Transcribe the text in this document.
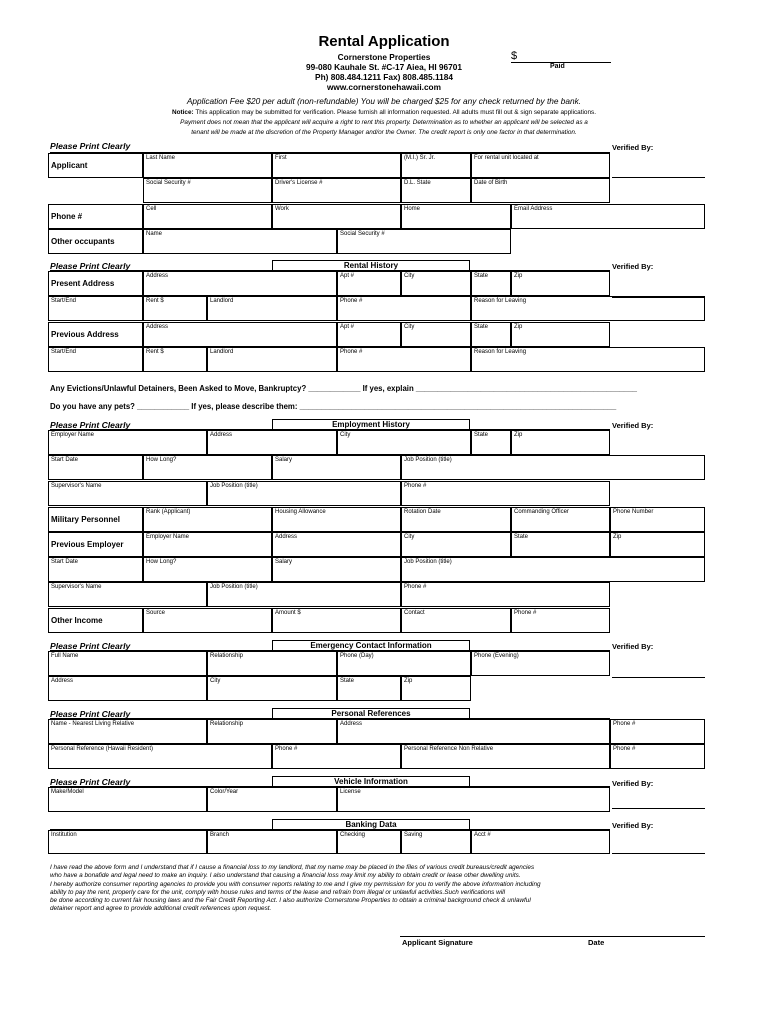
Rental Application
Cornerstone Properties
99-080 Kauhale St. #C-17 Aiea, HI 96701
Ph) 808.484.1211 Fax) 808.485.1184
www.cornerstonehawaii.com
Application Fee $20 per adult (non-refundable) You will be charged $25 for any check returned by the bank.
Notice: This application may be submitted for verification. Please furnish all information requested. All adults must fill out & sign separate applications.
Payment does not mean that the applicant will acquire a right to rent this property. Determination as to whether an applicant will be selected as a
tenant will be made at the discretion of the Property Manager and/or the Owner. The credit report is only one factor in that determination.
$
Paid
Please Print Clearly	Verified By:
Applicant
Last Name	First	(M.I.) Sr. Jr.	For rental unit located at
Social Security #	Driver's License #	D.L. State	Date of Birth
Phone #
Cell	Work	Home	Email Address
Other occupants
Name	Social Security #
Please Print Clearly	Rental History	Verified By:
Present Address
Address	Apt #	City	State	Zip
Start/End	Rent $	Landlord	Phone #	Reason for Leaving
Previous Address
Address	Apt #	City	State	Zip
Start/End	Rent $	Landlord	Phone #	Reason for Leaving
Any Evictions/Unlawful Detainers, Been Asked to Move, Bankruptcy? ____________ If yes, explain ___________________________________________________
Do you have any pets? ____________ If yes, please describe them: _________________________________________________________________________
Please Print Clearly	Employment History	Verified By:
Employer Name	Address	City	State	Zip
Start Date	How Long?	Salary	Job Position (title)
Supervisor's Name	Job Position (title)	Phone #
Military Personnel
Rank (Applicant)	Housing Allowance	Rotation Date	Commanding Officer	Phone Number
Previous Employer
Employer Name	Address	City	State	Zip
Start Date	How Long?	Salary	Job Position (title)
Supervisor's Name	Job Position (title)	Phone #
Other Income
Source	Amount $	Contact	Phone #
Please Print Clearly	Emergency Contact Information	Verified By:
Full Name	Relationship	Phone (Day)	Phone (Evening)
Address	City	State	Zip
Please Print Clearly	Personal References
Name - Nearest Living Relative	Relationship	Address	Phone #
Personal Reference (Hawaii Resident)	Phone #	Personal Reference Non Relative	Phone #
Please Print Clearly	Vehicle Information	Verified By:
Make/Model	Color/Year	License
Banking Data	Verified By:
Institution	Branch	Checking	Saving	Acct #
I have read the above form and I understand that if I cause a financial loss to my landlord, that my name may be placed in the files of various credit bureaus/credit agencies
who have a bonafide and legal need to make an inquiry. I also understand that causing a financial loss may limit my ability to obtain credit or lease other dwelling units.
I hereby authorize consumer reporting agencies to provide you with consumer reports relating to me and I give my permission for you to verify the above information including
ability to pay the rent, properly care for the unit, comply with house rules and terms of the lease and refrain from illegal or unlawful activities.Such verifications will
be done according to current fair housing laws and the Fair Credit Reporting Act. I also authorize Cornerstone Properties to obtain a criminal background check & unlawful
detainer report and agree to provide additional credit references upon request.
Applicant Signature	Date
